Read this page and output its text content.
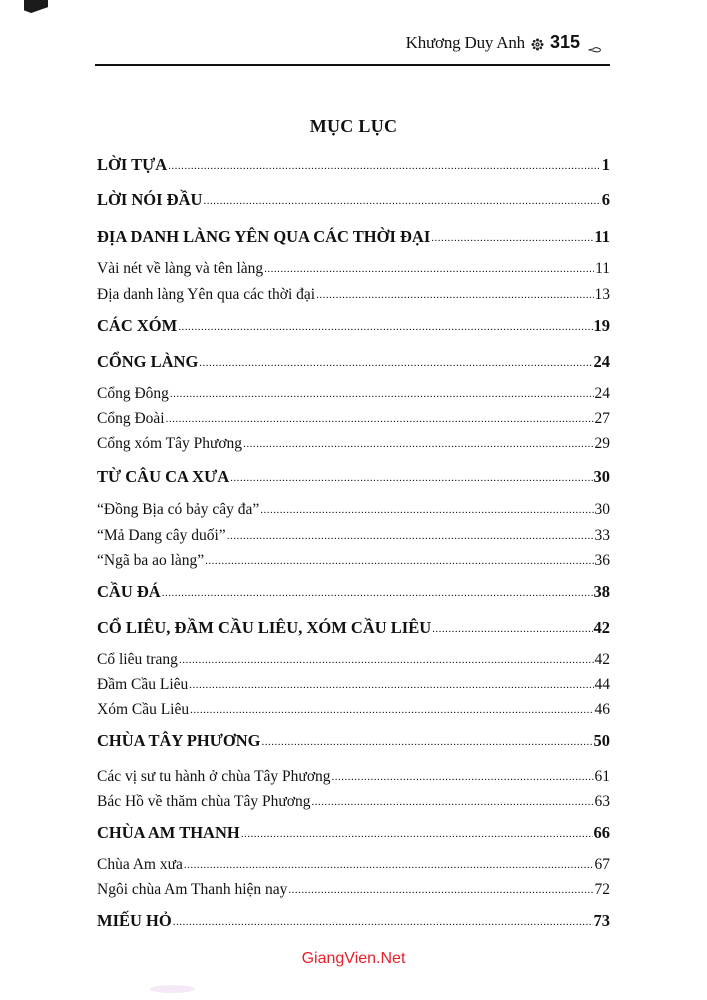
Khương Duy Anh 315
MỤC LỤC
LỜI TỰA .....	1
LỜI NÓI ĐẦU .....	6
ĐỊA DANH LÀNG YÊN QUA CÁC THỜI ĐẠI .....	11
Vài nét về làng và tên làng .....	11
Địa danh làng Yên qua các thời đại .....	13
CÁC XÓM .....	19
CỔNG LÀNG .....	24
Cổng Đông .....	24
Cổng Đoài .....	27
Cổng xóm Tây Phương .....	29
TỪ CÂU CA XƯA .....	30
“Đồng Bịa có bảy cây đa” .....	30
“Mả Dang cây duối” .....	33
“Ngã ba ao làng” .....	36
CẦU ĐÁ .....	38
CỔ LIÊU, ĐẦM CẦU LIÊU, XÓM CẦU LIÊU .....	42
Cổ liêu trang .....	42
Đầm Cầu Liêu .....	44
Xóm Cầu Liêu .....	46
CHÙA TÂY PHƯƠNG .....	50
Các vị sư tu hành ở chùa Tây Phương .....	61
Bác Hồ về thăm chùa Tây Phương .....	63
CHÙA AM THANH .....	66
Chùa Am xưa .....	67
Ngôi chùa Am Thanh hiện nay .....	72
MIẾU HỎ .....	73
GiangVien.Net
